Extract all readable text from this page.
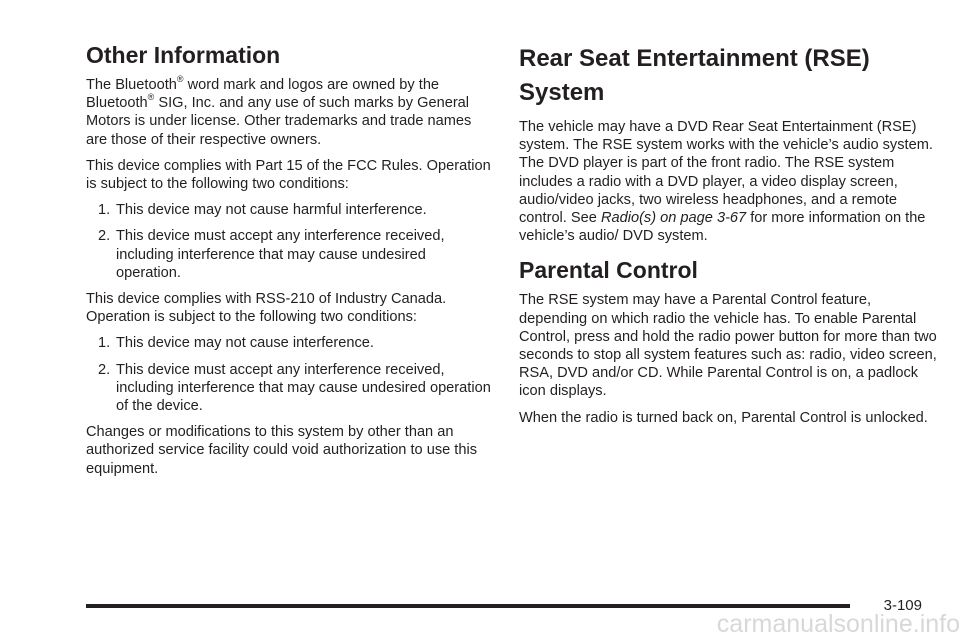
Other Information

The Bluetooth® word mark and logos are owned by the Bluetooth® SIG, Inc. and any use of such marks by General Motors is under license. Other trademarks and trade names are those of their respective owners.

This device complies with Part 15 of the FCC Rules. Operation is subject to the following two conditions:

1. This device may not cause harmful interference.
2. This device must accept any interference received, including interference that may cause undesired operation.

This device complies with RSS-210 of Industry Canada. Operation is subject to the following two conditions:

1. This device may not cause interference.
2. This device must accept any interference received, including interference that may cause undesired operation of the device.

Changes or modifications to this system by other than an authorized service facility could void authorization to use this equipment.

Rear Seat Entertainment (RSE) System

The vehicle may have a DVD Rear Seat Entertainment (RSE) system. The RSE system works with the vehicle’s audio system. The DVD player is part of the front radio. The RSE system includes a radio with a DVD player, a video display screen, audio/video jacks, two wireless headphones, and a remote control. See Radio(s) on page 3-67 for more information on the vehicle’s audio/ DVD system.

Parental Control

The RSE system may have a Parental Control feature, depending on which radio the vehicle has. To enable Parental Control, press and hold the radio power button for more than two seconds to stop all system features such as: radio, video screen, RSA, DVD and/or CD. While Parental Control is on, a padlock icon displays.

When the radio is turned back on, Parental Control is unlocked.

3-109
carmanualsonline.info
